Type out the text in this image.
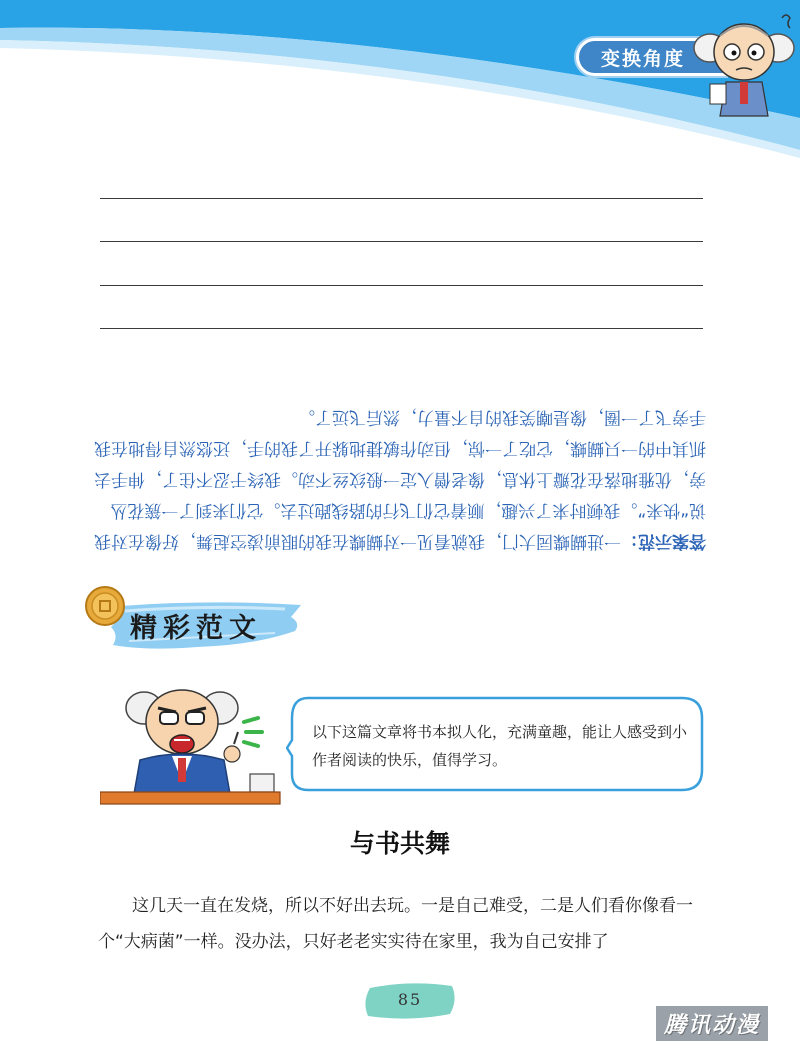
变换角度

答案示范：一进蝴蝶园大门，我就看见一对蝴蝶在我的眼前凌空起舞，好像在对我说“快来”。我顿时来了兴趣，顺着它们飞行的路线跑过去。它们来到了一簇花丛旁，优雅地落在花瓣上休息，像老僧入定一般纹丝不动。我终于忍不住了，伸手去抓其中的一只蝴蝶，它吃了一惊，但动作敏捷地躲开了我的手，还悠然自得地在我手旁飞了一圈，像是嘲笑我的自不量力，然后飞远了。

精彩范文
以下这篇文章将书本拟人化，充满童趣，能让人感受到小作者阅读的快乐，值得学习。
与书共舞

这几天一直在发烧，所以不好出去玩。一是自己难受，二是人们看你像看一个“大病菌”一样。没办法，只好老老实实待在家里，我为自己安排了

85
腾讯动漫
